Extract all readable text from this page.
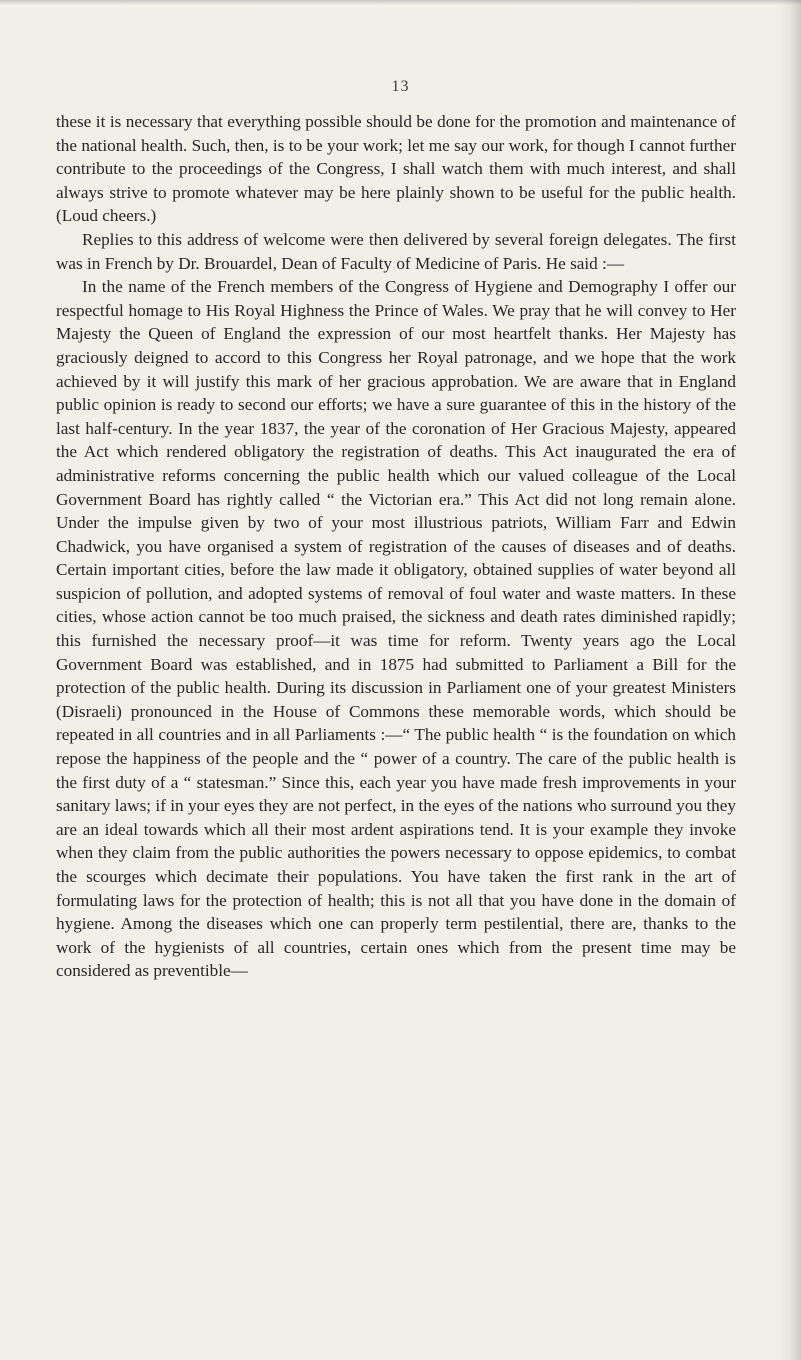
13

these it is necessary that everything possible should be done for the promotion and maintenance of the national health. Such, then, is to be your work; let me say our work, for though I cannot further contribute to the proceedings of the Congress, I shall watch them with much interest, and shall always strive to promote whatever may be here plainly shown to be useful for the public health. (Loud cheers.)

Replies to this address of welcome were then delivered by several foreign delegates. The first was in French by Dr. Brouardel, Dean of Faculty of Medicine of Paris. He said :—

In the name of the French members of the Congress of Hygiene and Demography I offer our respectful homage to His Royal Highness the Prince of Wales. We pray that he will convey to Her Majesty the Queen of England the expression of our most heartfelt thanks. Her Majesty has graciously deigned to accord to this Congress her Royal patronage, and we hope that the work achieved by it will justify this mark of her gracious approbation. We are aware that in England public opinion is ready to second our efforts; we have a sure guarantee of this in the history of the last half-century. In the year 1837, the year of the coronation of Her Gracious Majesty, appeared the Act which rendered obligatory the registration of deaths. This Act inaugurated the era of administrative reforms concerning the public health which our valued colleague of the Local Government Board has rightly called “ the Victorian era.” This Act did not long remain alone. Under the impulse given by two of your most illustrious patriots, William Farr and Edwin Chadwick, you have organised a system of registration of the causes of diseases and of deaths. Certain important cities, before the law made it obligatory, obtained supplies of water beyond all suspicion of pollution, and adopted systems of removal of foul water and waste matters. In these cities, whose action cannot be too much praised, the sickness and death rates diminished rapidly; this furnished the necessary proof—it was time for reform. Twenty years ago the Local Government Board was established, and in 1875 had submitted to Parliament a Bill for the protection of the public health. During its discussion in Parliament one of your greatest Ministers (Disraeli) pronounced in the House of Commons these memorable words, which should be repeated in all countries and in all Parliaments :—“ The public health “ is the foundation on which repose the happiness of the people and the “ power of a country. The care of the public health is the first duty of a “ statesman.” Since this, each year you have made fresh improvements in your sanitary laws; if in your eyes they are not perfect, in the eyes of the nations who surround you they are an ideal towards which all their most ardent aspirations tend. It is your example they invoke when they claim from the public authorities the powers necessary to oppose epidemics, to combat the scourges which decimate their populations. You have taken the first rank in the art of formulating laws for the protection of health; this is not all that you have done in the domain of hygiene. Among the diseases which one can properly term pestilential, there are, thanks to the work of the hygienists of all countries, certain ones which from the present time may be considered as preventible—
